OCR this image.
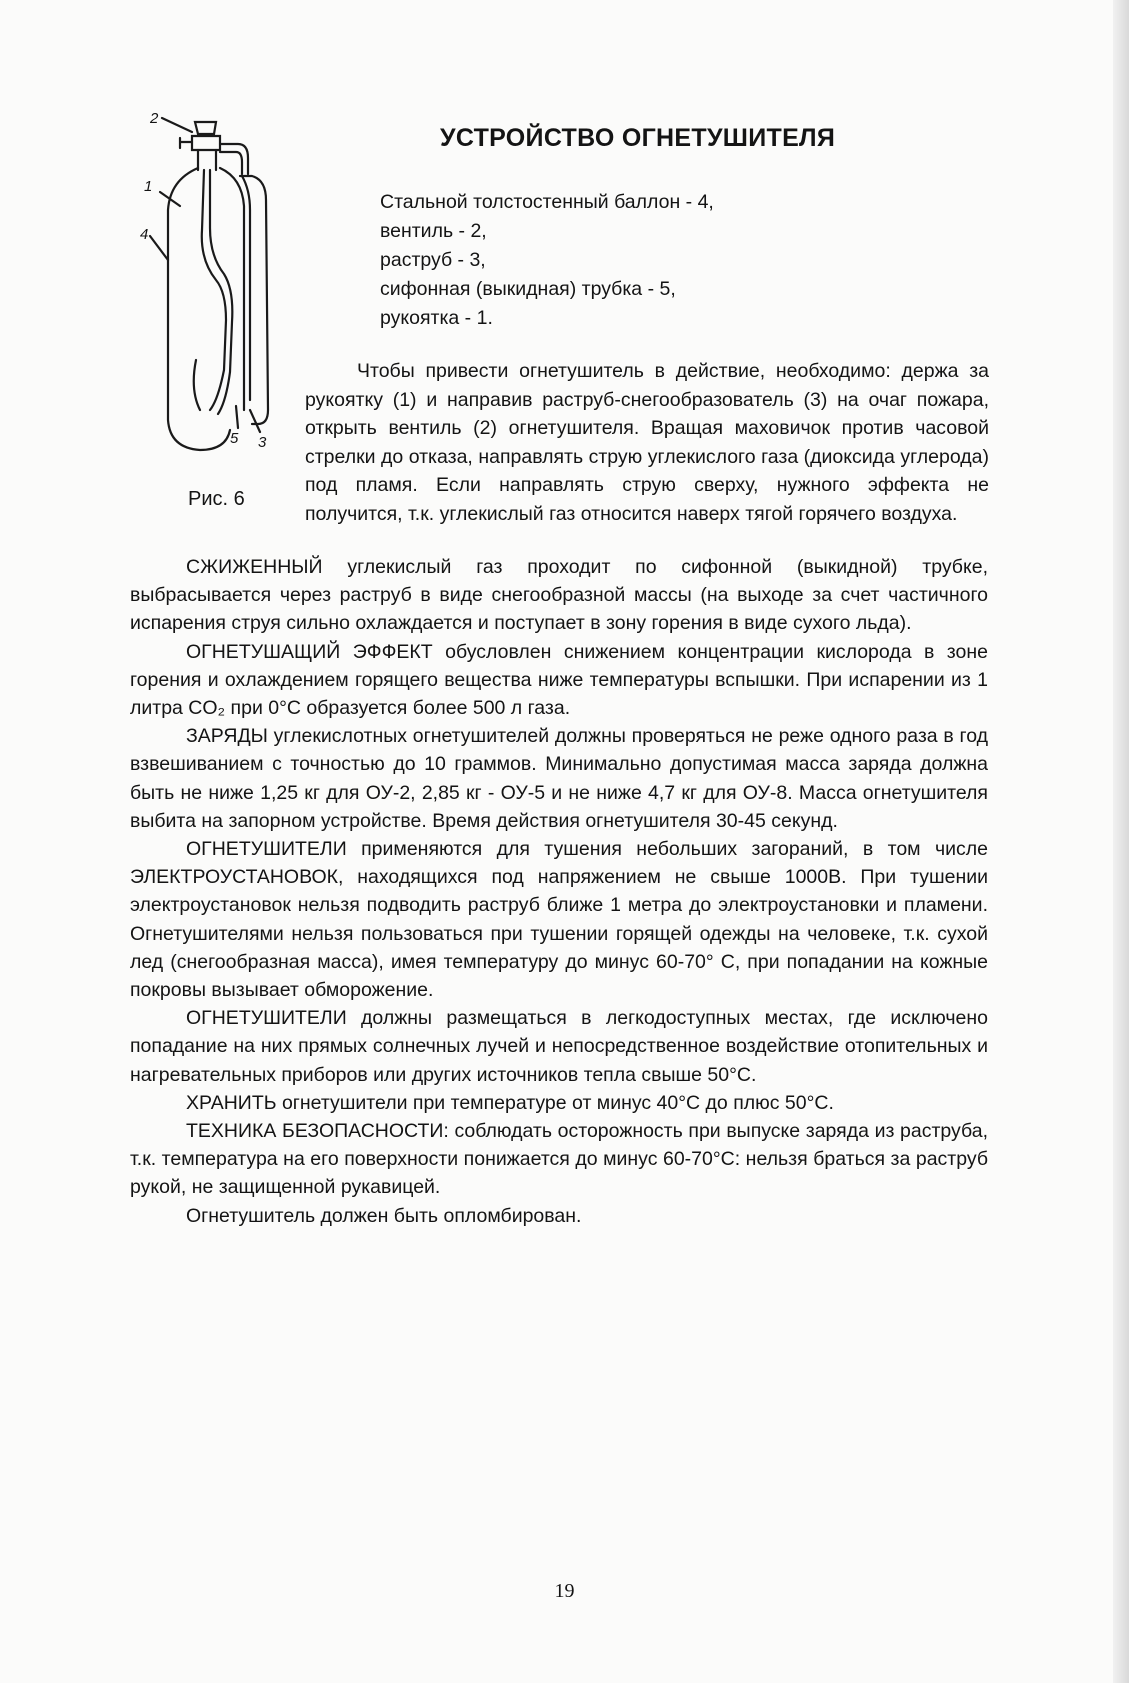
2
1
4
5 3
Рис. 6
УСТРОЙСТВО ОГНЕТУШИТЕЛЯ
Стальной толстостенный баллон - 4,
вентиль - 2,
раструб - 3,
сифонная (выкидная) трубка - 5,
рукоятка - 1.
Чтобы привести огнетушитель в действие, необходимо: держа за рукоятку (1) и направив раструб-снегообразователь (3) на очаг пожара, открыть вентиль (2) огнетушителя. Вращая маховичок против часовой стрелки до отказа, направлять струю углекислого газа (диоксида углерода) под пламя. Если направлять струю сверху, нужного эффекта не получится, т.к. углекислый газ относится наверх тягой горячего воздуха.

СЖИЖЕННЫЙ углекислый газ проходит по сифонной (выкидной) трубке, выбрасывается через раструб в виде снегообразной массы (на выходе за счет частичного испарения струя сильно охлаждается и поступает в зону горения в виде сухого льда).

ОГНЕТУШАЩИЙ ЭФФЕКТ обусловлен снижением концентрации кислорода в зоне горения и охлаждением горящего вещества ниже температуры вспышки. При испарении из 1 литра CO₂ при 0°С образуется более 500 л газа.

ЗАРЯДЫ углекислотных огнетушителей должны проверяться не реже одного раза в год взвешиванием с точностью до 10 граммов. Минимально допустимая масса заряда должна быть не ниже 1,25 кг для ОУ-2, 2,85 кг - ОУ-5 и не ниже 4,7 кг для ОУ-8. Масса огнетушителя выбита на запорном устройстве. Время действия огнетушителя 30-45 секунд.

ОГНЕТУШИТЕЛИ применяются для тушения небольших загораний, в том числе ЭЛЕКТРОУСТАНОВОК, находящихся под напряжением не свыше 1000В. При тушении электроустановок нельзя подводить раструб ближе 1 метра до электроустановки и пламени. Огнетушителями нельзя пользоваться при тушении горящей одежды на человеке, т.к. сухой лед (снегообразная масса), имея температуру до минус 60-70° С, при попадании на кожные покровы вызывает обморожение.

ОГНЕТУШИТЕЛИ должны размещаться в легкодоступных местах, где исключено попадание на них прямых солнечных лучей и непосредственное воздействие отопительных и нагревательных приборов или других источников тепла свыше 50°С.

ХРАНИТЬ огнетушители при температуре от минус 40°С до плюс 50°С.

ТЕХНИКА БЕЗОПАСНОСТИ: соблюдать осторожность при выпуске заряда из раструба, т.к. температура на его поверхности понижается до минус 60-70°С: нельзя браться за раструб рукой, не защищенной рукавицей.

Огнетушитель должен быть опломбирован.

19
